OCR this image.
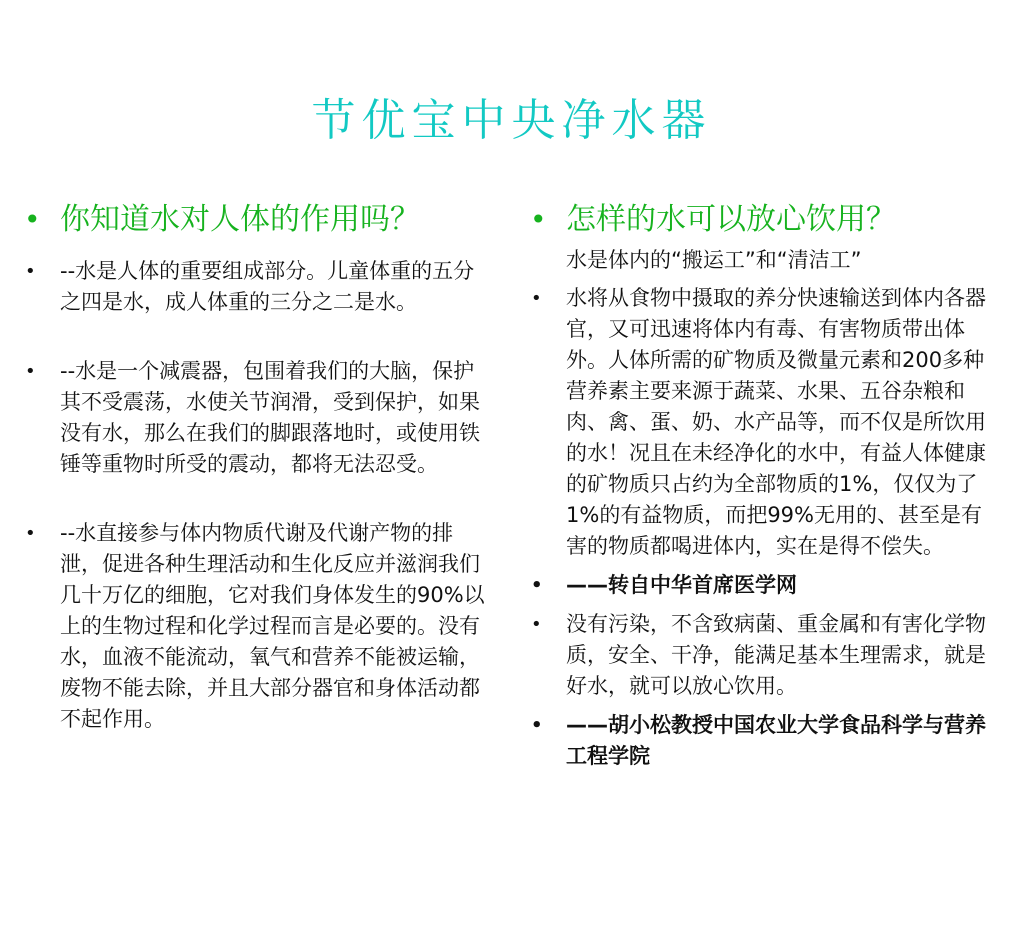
节优宝中央净水器
• 你知道水对人体的作用吗？
• --水是人体的重要组成部分。儿童体重的五分之四是水，成人体重的三分之二是水。
• --水是一个减震器，包围着我们的大脑，保护其不受震荡，水使关节润滑，受到保护，如果没有水，那么在我们的脚跟落地时，或使用铁锤等重物时所受的震动，都将无法忍受。
• --水直接参与体内物质代谢及代谢产物的排泄，促进各种生理活动和生化反应并滋润我们几十万亿的细胞，它对我们身体发生的90%以上的生物过程和化学过程而言是必要的。没有水，血液不能流动，氧气和营养不能被运输，废物不能去除，并且大部分器官和身体活动都不起作用。
• 怎样的水可以放心饮用？
水是体内的“搬运工”和“清洁工”
• 水将从食物中摄取的养分快速输送到体内各器官，又可迅速将体内有毒、有害物质带出体外。人体所需的矿物质及微量元素和200多种营养素主要来源于蔬菜、水果、五谷杂粮和肉、禽、蛋、奶、水产品等，而不仅是所饮用的水！况且在未经净化的水中，有益人体健康的矿物质只占约为全部物质的1%，仅仅为了1%的有益物质，而把99%无用的、甚至是有害的物质都喝进体内，实在是得不偿失。
• ——转自中华首席医学网
• 没有污染，不含致病菌、重金属和有害化学物质，安全、干净，能满足基本生理需求，就是好水，就可以放心饮用。
• ——胡小松教授中国农业大学食品科学与营养工程学院
